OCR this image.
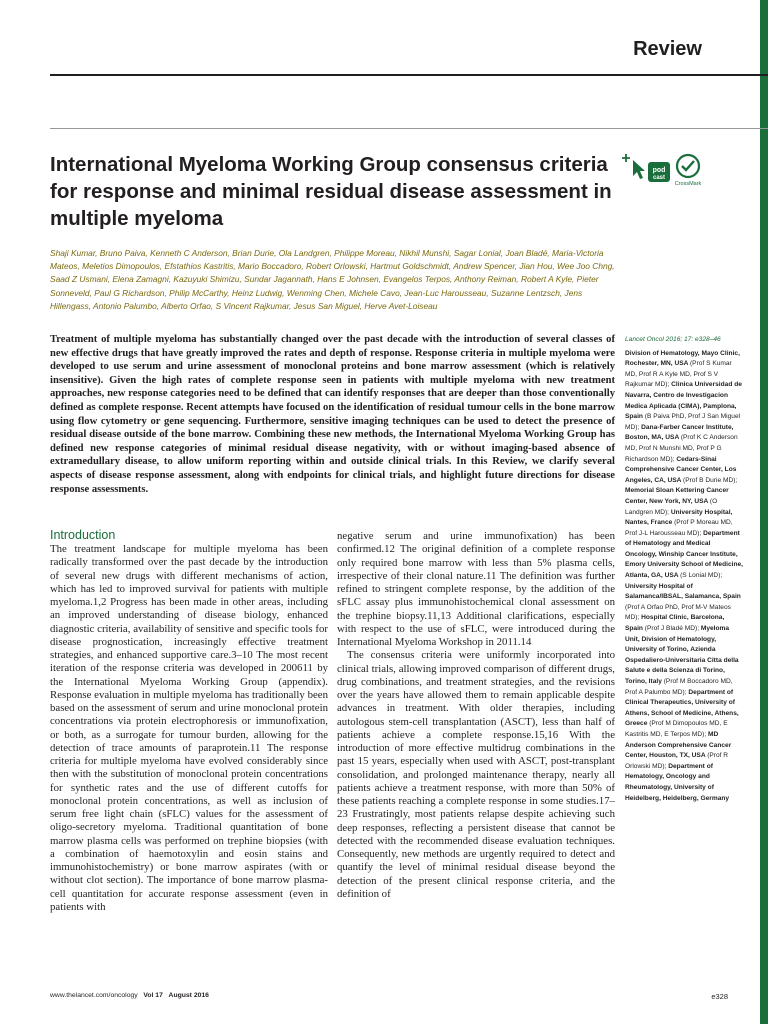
Review
International Myeloma Working Group consensus criteria for response and minimal residual disease assessment in multiple myeloma
pod
cast
CrossMark

Shaji Kumar, Bruno Paiva, Kenneth C Anderson, Brian Durie, Ola Landgren, Philippe Moreau, Nikhil Munshi, Sagar Lonial, Joan Bladé, Maria-Victoria Mateos, Meletios Dimopoulos, Efstathios Kastritis, Mario Boccadoro, Robert Orlowski, Hartmut Goldschmidt, Andrew Spencer, Jian Hou, Wee Joo Chng, Saad Z Usmani, Elena Zamagni, Kazuyuki Shimizu, Sundar Jagannath, Hans E Johnsen, Evangelos Terpos, Anthony Reiman, Robert A Kyle, Pieter Sonneveld, Paul G Richardson, Philip McCarthy, Heinz Ludwig, Wenming Chen, Michele Cavo, Jean-Luc Harousseau, Suzanne Lentzsch, Jens Hillengass, Antonio Palumbo, Alberto Orfao, S Vincent Rajkumar, Jesus San Miguel, Herve Avet-Loiseau

Treatment of multiple myeloma has substantially changed over the past decade with the introduction of several classes of new effective drugs that have greatly improved the rates and depth of response. Response criteria in multiple myeloma were developed to use serum and urine assessment of monoclonal proteins and bone marrow assessment (which is relatively insensitive). Given the high rates of complete response seen in patients with multiple myeloma with new treatment approaches, new response categories need to be defined that can identify responses that are deeper than those conventionally defined as complete response. Recent attempts have focused on the identification of residual tumour cells in the bone marrow using flow cytometry or gene sequencing. Furthermore, sensitive imaging techniques can be used to detect the presence of residual disease outside of the bone marrow. Combining these new methods, the International Myeloma Working Group has defined new response categories of minimal residual disease negativity, with or without imaging-based absence of extramedullary disease, to allow uniform reporting within and outside clinical trials. In this Review, we clarify several aspects of disease response assessment, along with endpoints for clinical trials, and highlight future directions for disease response assessments.

Lancet Oncol 2016; 17: e328–46
Division of Hematology, Mayo Clinic, Rochester, MN, USA (Prof S Kumar MD, Prof R A Kyle MD, Prof S V Rajkumar MD); Clinica Universidad de Navarra, Centro de Investigacion Medica Aplicada (CIMA), Pamplona, Spain (B Paiva PhD, Prof J San Miguel MD); Dana-Farber Cancer Institute, Boston, MA, USA (Prof K C Anderson MD, Prof N Munshi MD, Prof P G Richardson MD); Cedars-Sinai Comprehensive Cancer Center, Los Angeles, CA, USA (Prof B Durie MD); Memorial Sloan Kettering Cancer Center, New York, NY, USA (O Landgren MD); University Hospital, Nantes, France (Prof P Moreau MD, Prof J-L Harousseau MD); Department of Hematology and Medical Oncology, Winship Cancer Institute, Emory University School of Medicine, Atlanta, GA, USA (S Lonial MD); University Hospital of Salamanca/IBSAL, Salamanca, Spain (Prof A Orfao PhD, Prof M-V Mateos MD); Hospital Clinic, Barcelona, Spain (Prof J Bladé MD); Myeloma Unit, Division of Hematology, University of Torino, Azienda Ospedaliero-Universitaria Citta della Salute e della Scienza di Torino, Torino, Italy (Prof M Boccadoro MD, Prof A Palumbo MD); Department of Clinical Therapeutics, University of Athens, School of Medicine, Athens, Greece (Prof M Dimopoulos MD, E Kastritis MD, E Terpos MD); MD Anderson Comprehensive Cancer Center, Houston, TX, USA (Prof R Orlowski MD); Department of Hematology, Oncology and Rheumatology, University of Heidelberg, Heidelberg, Germany
Introduction

The treatment landscape for multiple myeloma has been radically transformed over the past decade by the introduction of several new drugs with different mechanisms of action, which has led to improved survival for patients with multiple myeloma.1,2 Progress has been made in other areas, including an improved understanding of disease biology, enhanced diagnostic criteria, availability of sensitive and specific tools for disease prognostication, increasingly effective treatment strategies, and enhanced supportive care.3–10 The most recent iteration of the response criteria was developed in 200611 by the International Myeloma Working Group (appendix). Response evaluation in multiple myeloma has traditionally been based on the assessment of serum and urine monoclonal protein concentrations via protein electrophoresis or immunofixation, or both, as a surrogate for tumour burden, allowing for the detection of trace amounts of paraprotein.11 The response criteria for multiple myeloma have evolved considerably since then with the substitution of monoclonal protein concentrations for synthetic rates and the use of different cutoffs for monoclonal protein concentrations, as well as inclusion of serum free light chain (sFLC) values for the assessment of oligo-secretory myeloma. Traditional quantitation of bone marrow plasma cells was performed on trephine biopsies (with a combination of haemotoxylin and eosin stains and immunohistochemistry) or bone marrow aspirates (with or without clot section). The importance of bone marrow plasma-cell quantitation for accurate response assessment (even in patients with

negative serum and urine immunofixation) has been confirmed.12 The original definition of a complete response only required bone marrow with less than 5% plasma cells, irrespective of their clonal nature.11 The definition was further refined to stringent complete response, by the addition of the sFLC assay plus immunohistochemical clonal assessment on the trephine biopsy.11,13 Additional clarifications, especially with respect to the use of sFLC, were introduced during the International Myeloma Workshop in 2011.14

The consensus criteria were uniformly incorporated into clinical trials, allowing improved comparison of different drugs, drug combinations, and treatment strategies, and the revisions over the years have allowed them to remain applicable despite advances in treatment. With older therapies, including autologous stem-cell transplantation (ASCT), less than half of patients achieve a complete response.15,16 With the introduction of more effective multidrug combinations in the past 15 years, especially when used with ASCT, post-transplant consolidation, and prolonged maintenance therapy, nearly all patients achieve a treatment response, with more than 50% of these patients reaching a complete response in some studies.17–23 Frustratingly, most patients relapse despite achieving such deep responses, reflecting a persistent disease that cannot be detected with the recommended disease evaluation techniques. Consequently, new methods are urgently required to detect and quantify the level of minimal residual disease beyond the detection of the present clinical response criteria, and the definition of

www.thelancet.com/oncology Vol 17 August 2016	e328
